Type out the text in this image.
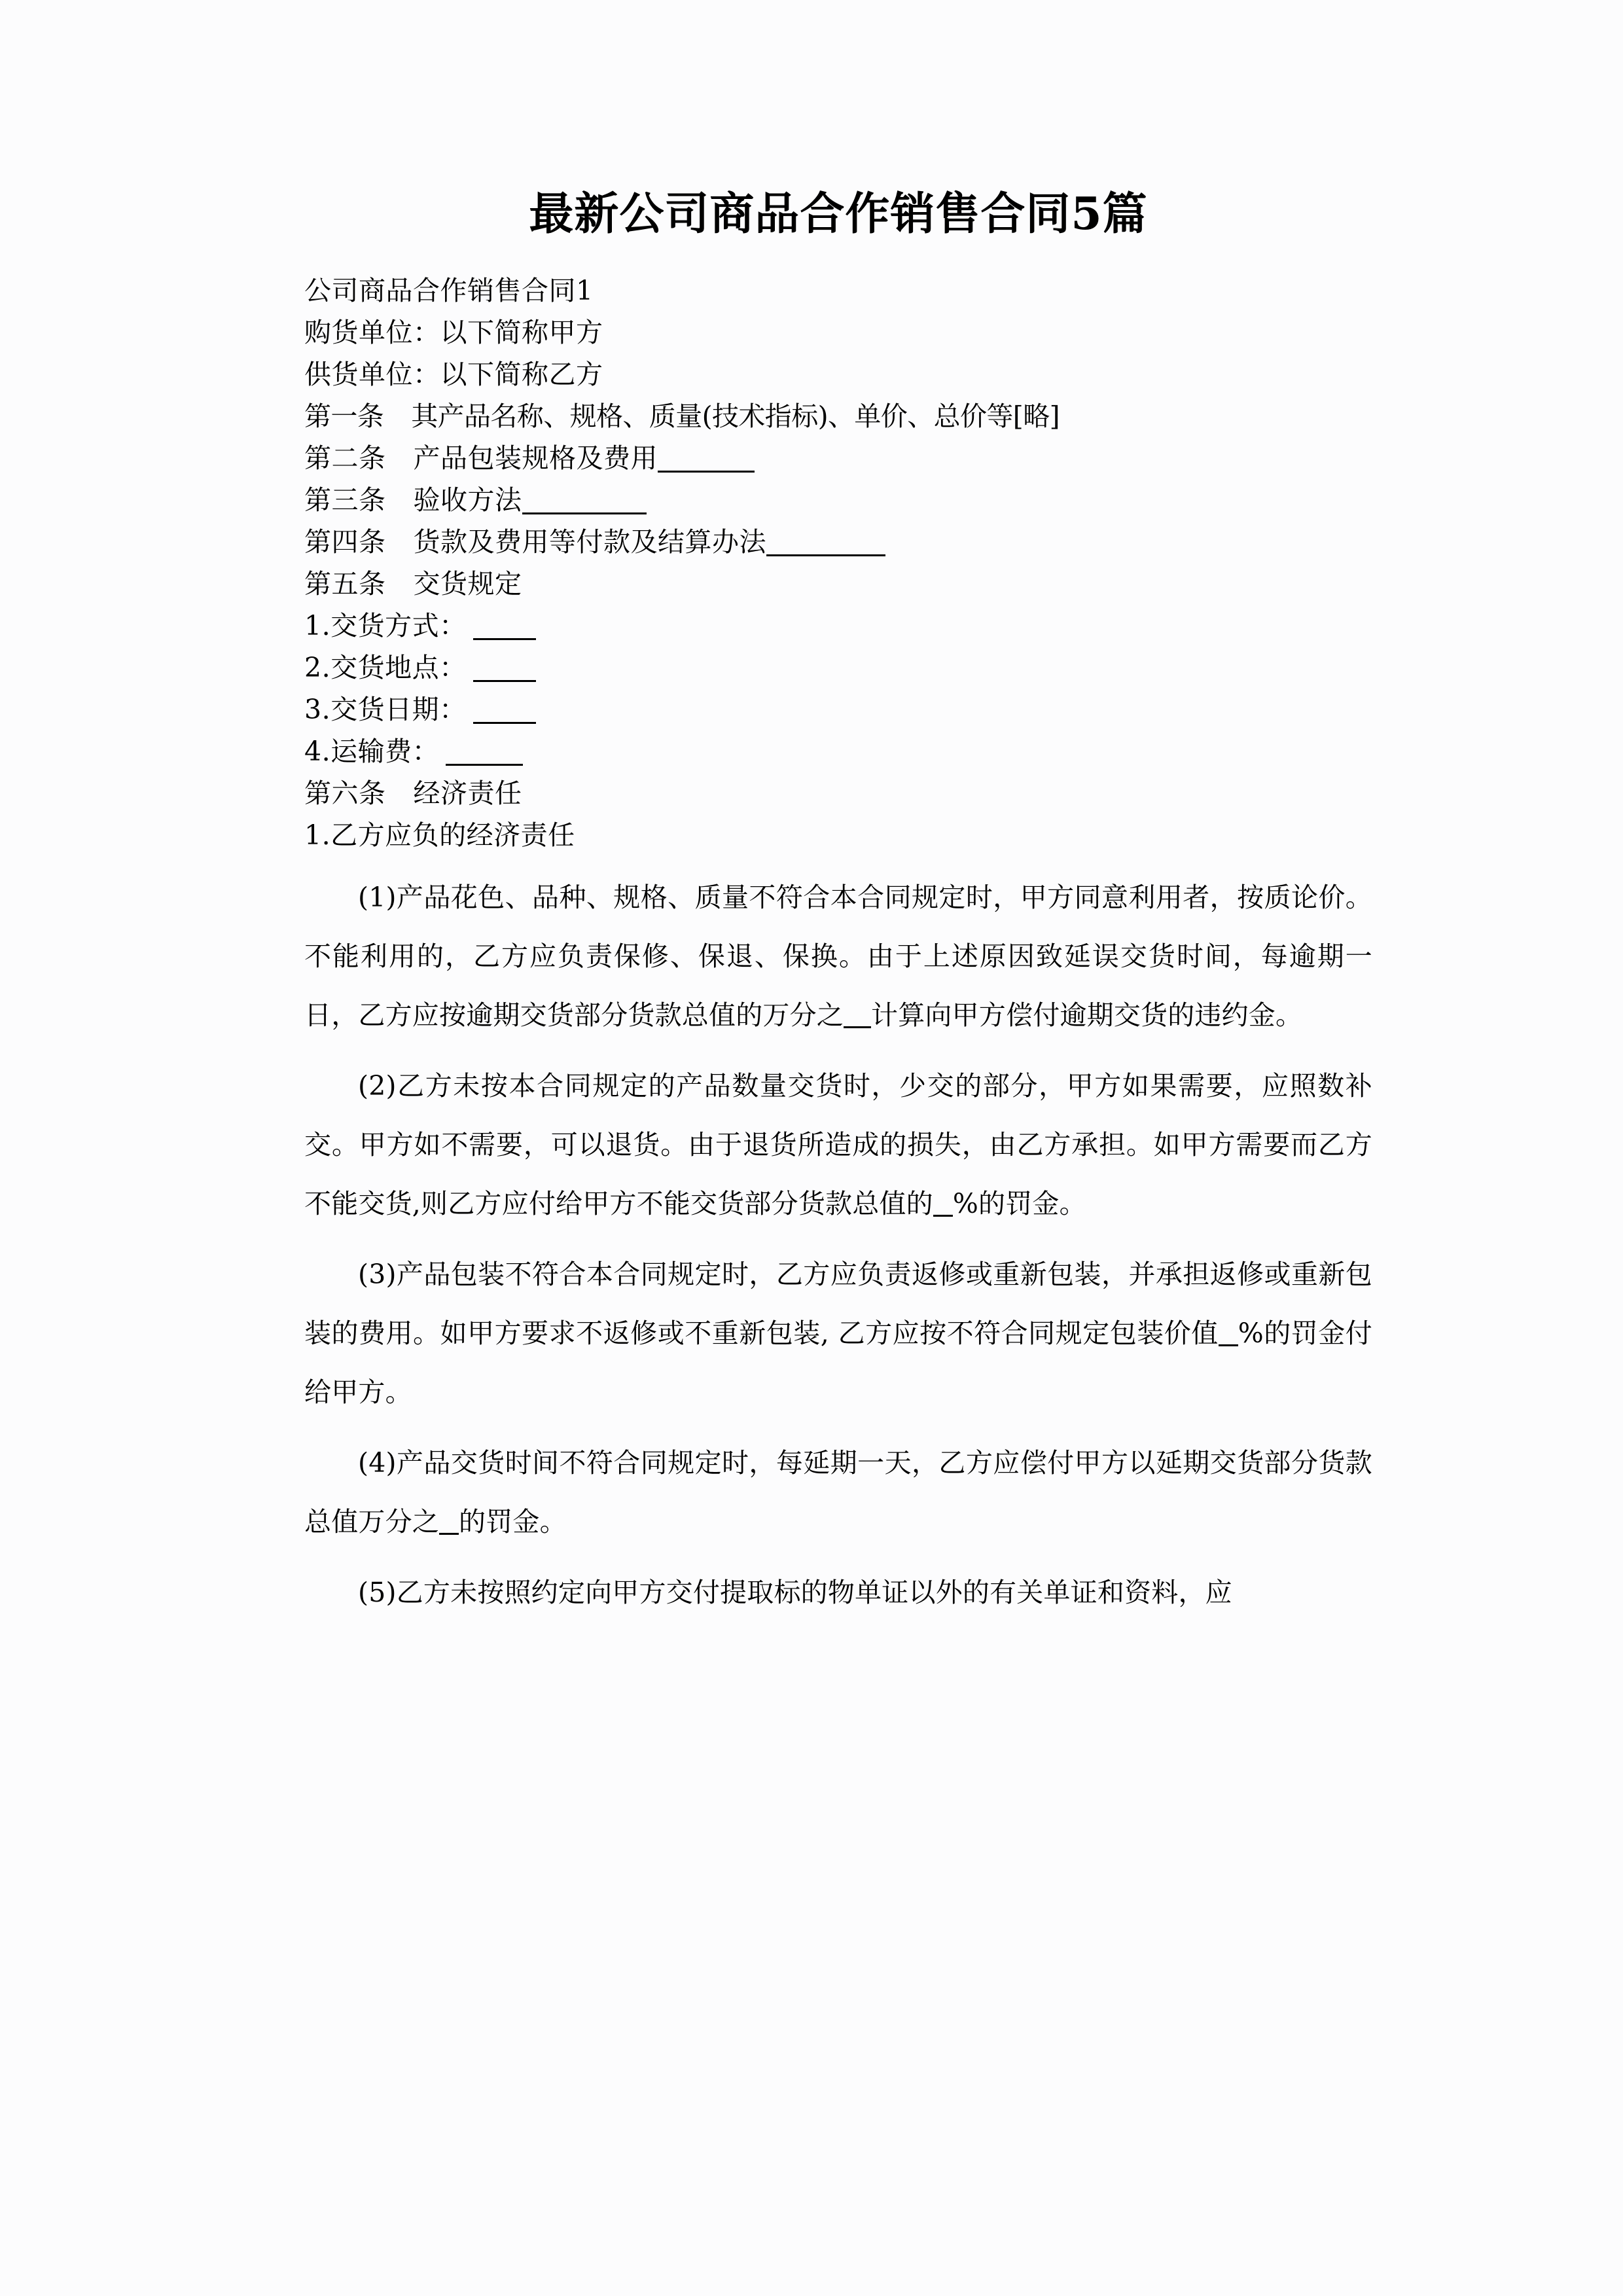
最新公司商品合作销售合同5篇

公司商品合作销售合同1

购货单位：以下简称甲方

供货单位：以下简称乙方

第一条 其产品名称、规格、质量(技术指标)、单价、总价等[略]

第二条 产品包装规格及费用

第三条 验收方法

第四条 货款及费用等付款及结算办法

第五条 交货规定

1.交货方式：

2.交货地点：

3.交货日期：

4.运输费：

第六条 经济责任

1.乙方应负的经济责任

(1)产品花色、品种、规格、质量不符合本合同规定时，甲方同意利用者，按质论价。不能利用的，乙方应负责保修、保退、保换。由于上述原因致延误交货时间，每逾期一日，乙方应按逾期交货部分货款总值的万分之 计算向甲方偿付逾期交货的违约金。

(2)乙方未按本合同规定的产品数量交货时，少交的部分，甲方如果需要，应照数补交。甲方如不需要，可以退货。由于退货所造成的损失，由乙方承担。如甲方需要而乙方不能交货,则乙方应付给甲方不能交货部分货款总值的 %的罚金。

(3)产品包装不符合本合同规定时，乙方应负责返修或重新包装，并承担返修或重新包装的费用。如甲方要求不返修或不重新包装, 乙方应按不符合同规定包装价值 %的罚金付给甲方。

(4)产品交货时间不符合同规定时，每延期一天，乙方应偿付甲方以延期交货部分货款总值万分之 的罚金。

(5)乙方未按照约定向甲方交付提取标的物单证以外的有关单证和资料，应
